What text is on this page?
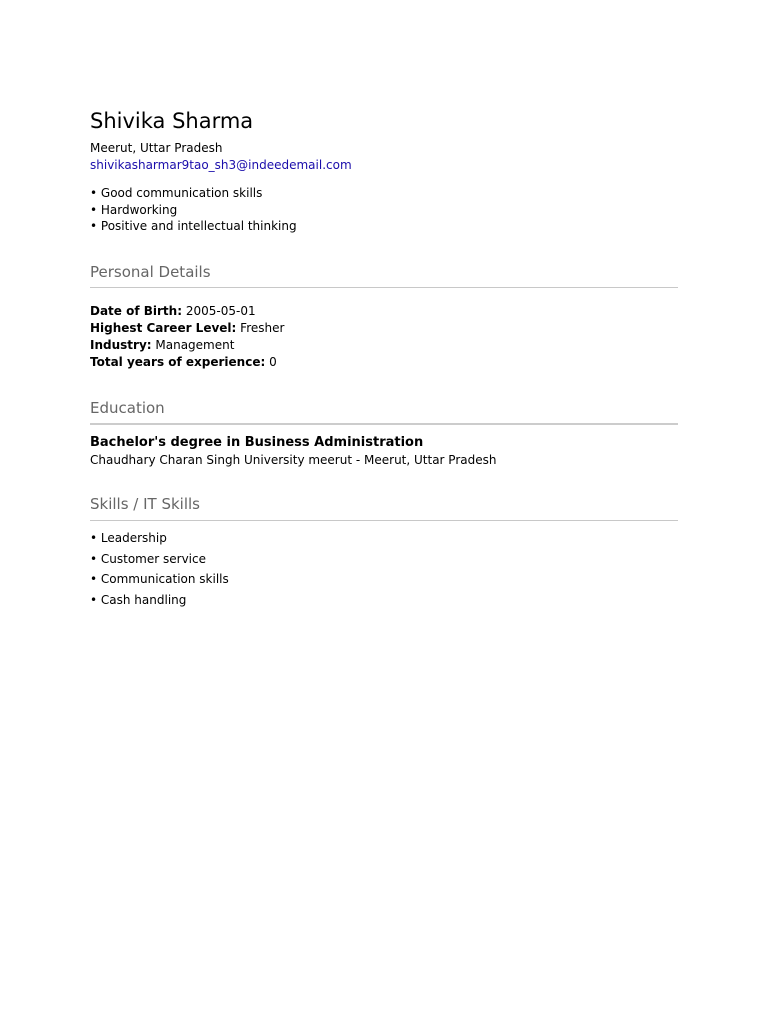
Shivika Sharma
Meerut, Uttar Pradesh
shivikasharmar9tao_sh3@indeedemail.com
• Good communication skills
• Hardworking
• Positive and intellectual thinking
Personal Details
Date of Birth: 2005-05-01
Highest Career Level: Fresher
Industry: Management
Total years of experience: 0
Education
Bachelor's degree in Business Administration
Chaudhary Charan Singh University meerut - Meerut, Uttar Pradesh
Skills / IT Skills
• Leadership
• Customer service
• Communication skills
• Cash handling
